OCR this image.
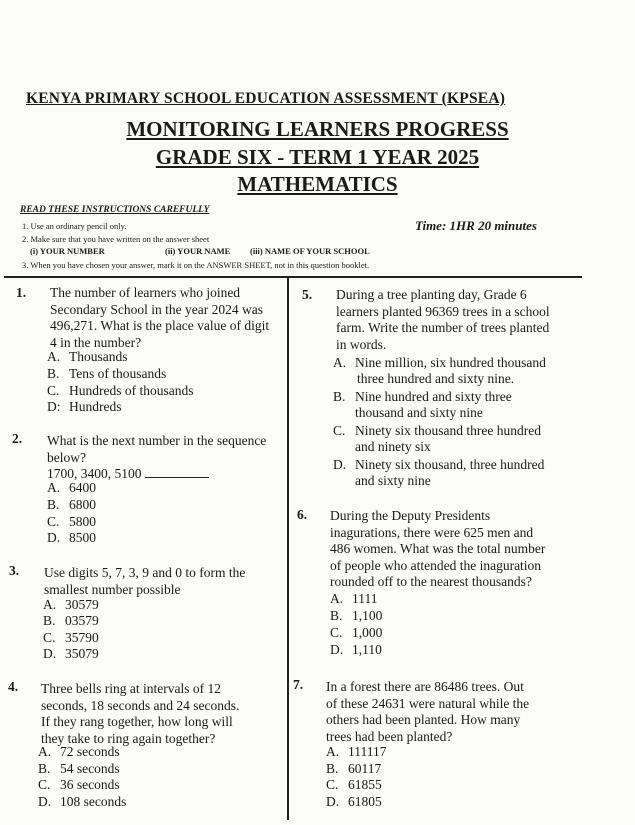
KENYA PRIMARY SCHOOL EDUCATION ASSESSMENT (KPSEA)
MONITORING LEARNERS PROGRESS
GRADE SIX - TERM 1 YEAR 2025
MATHEMATICS
READ THESE INSTRUCTIONS CAREFULLY
Time: 1HR 20 minutes
1. Use an ordinary pencil only.
2. Make sure that you have written on the answer sheet
(i) YOUR NUMBER	(ii) YOUR NAME (iii) NAME OF YOUR SCHOOL
3. When you have chosen your answer, mark it on the ANSWER SHEET, not in this question booklet.
1. The number of learners who joined
Secondary School in the year 2024 was
496,271. What is the place value of digit
4 in the number?
A. Thousands
B. Tens of thousands
C. Hundreds of thousands
D: Hundreds
2. What is the next number in the sequence
below?
1700, 3400, 5100
A. 6400
B. 6800
C. 5800
D. 8500
3. Use digits 5, 7, 3, 9 and 0 to form the
smallest number possible
A. 30579
B. 03579
C. 35790
D. 35079
4. Three bells ring at intervals of 12
seconds, 18 seconds and 24 seconds.
If they rang together, how long will
they take to ring again together?
A. 72 seconds
B. 54 seconds
C. 36 seconds
D. 108 seconds
5. During a tree planting day, Grade 6
learners planted 96369 trees in a school
farm. Write the number of trees planted
in words.
A. Nine million, six hundred thousand
three hundred and sixty nine.
B. Nine hundred and sixty three
thousand and sixty nine
C. Ninety six thousand three hundred
and ninety six
D. Ninety six thousand, three hundred
and sixty nine
6. During the Deputy Presidents
inagurations, there were 625 men and
486 women. What was the total number
of people who attended the inaguration
rounded off to the nearest thousands?
A. 1111
B. 1,100
C. 1,000
D. 1,110
7. In a forest there are 86486 trees. Out
of these 24631 were natural while the
others had been planted. How many
trees had been planted?
A. 111117
B. 60117
C. 61855
D. 61805
